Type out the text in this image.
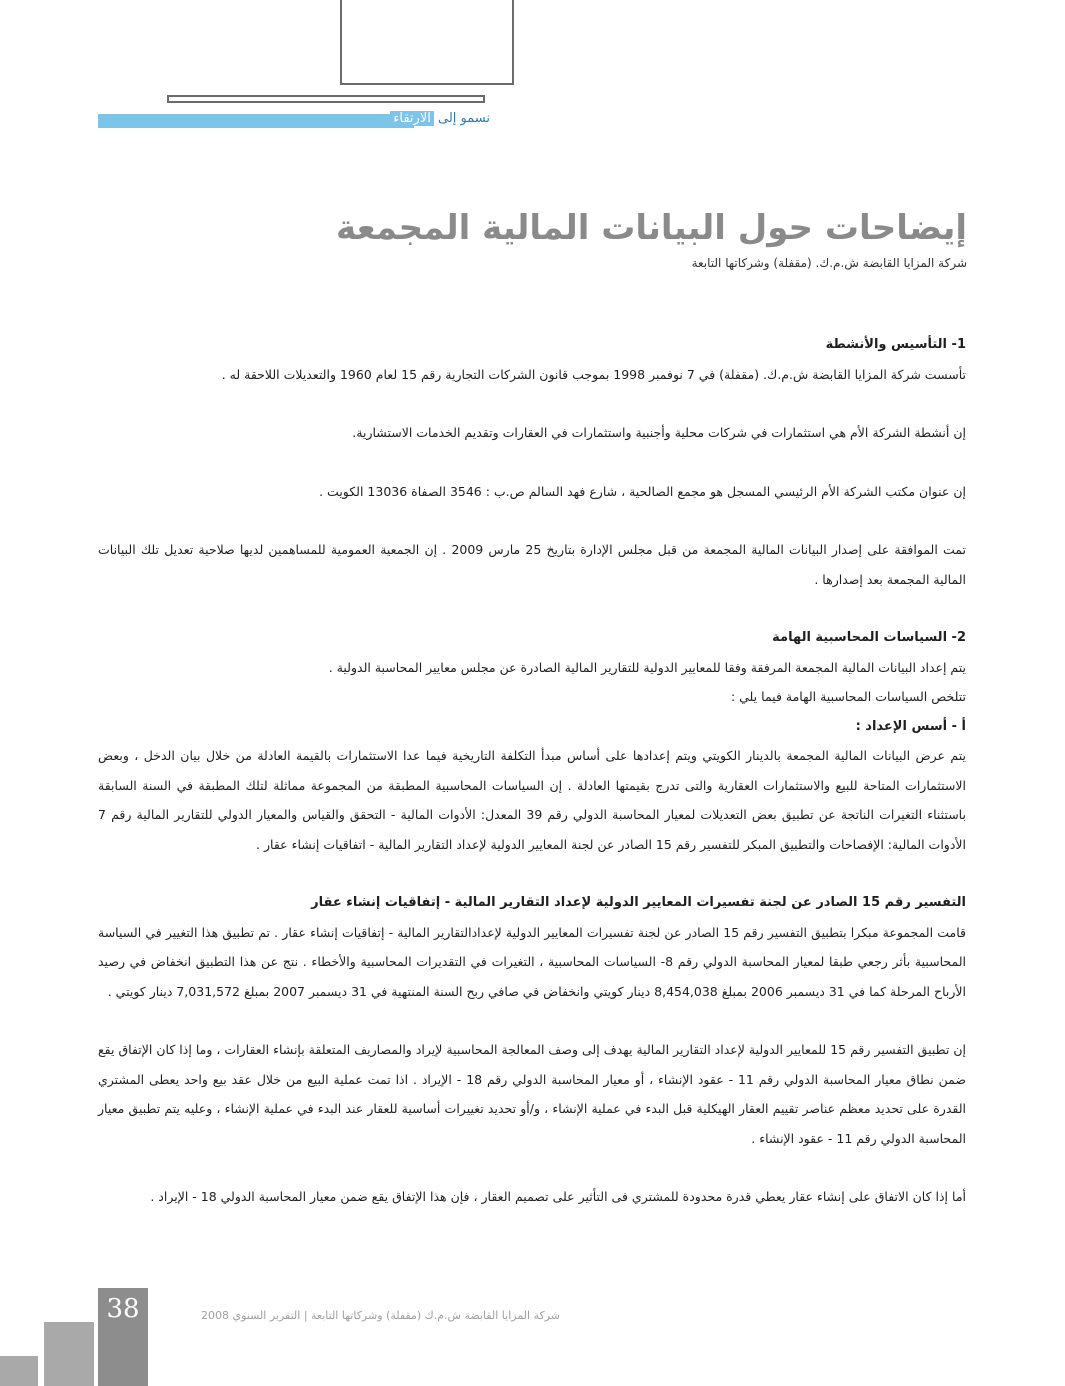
نسمو إلى الارتقاء
إيضاحات حول البيانات المالية المجمعة
شركة المزايا القابضة ش.م.ك. (مقفلة) وشركاتها التابعة
1- التأسيس والأنشطة

تأسست شركة المزايا القابضة ش.م.ك. (مقفلة) في 7 نوفمبر 1998 بموجب قانون الشركات التجارية رقم 15 لعام 1960 والتعديلات اللاحقة له .

إن أنشطة الشركة الأم هي استثمارات في شركات محلية وأجنبية واستثمارات في العقارات وتقديم الخدمات الاستشارية.

إن عنوان مكتب الشركة الأم الرئيسي المسجل هو مجمع الصالحية ، شارع فهد السالم ص.ب : 3546 الصفاة 13036 الكويت .

تمت الموافقة على إصدار البيانات المالية المجمعة من قبل مجلس الإدارة بتاريخ 25 مارس 2009 . إن الجمعية العمومية للمساهمين لديها صلاحية تعديل تلك البيانات المالية المجمعة بعد إصدارها .

2- السياسات المحاسبية الهامة

يتم إعداد البيانات المالية المجمعة المرفقة وفقا للمعايير الدولية للتقارير المالية الصادرة عن مجلس معايير المحاسبة الدولية .

تتلخص السياسات المحاسبية الهامة فيما يلي :

أ - أسس الإعداد :

يتم عرض البيانات المالية المجمعة بالدينار الكويتي ويتم إعدادها على أساس مبدأ التكلفة التاريخية فيما عدا الاستثمارات بالقيمة العادلة من خلال بيان الدخل ، وبعض الاستثمارات المتاحة للبيع والاستثمارات العقارية والتى تدرج بقيمتها العادلة . إن السياسات المحاسبية المطبقة من المجموعة مماثلة لتلك المطبقة في السنة السابقة باستثناء التغيرات الناتجة عن تطبيق بعض التعديلات لمعيار المحاسبة الدولي رقم 39 المعدل: الأدوات المالية - التحقق والقياس والمعيار الدولي للتقارير المالية رقم 7 الأدوات المالية: الإفصاحات والتطبيق المبكر للتفسير رقم 15 الصادر عن لجنة المعايير الدولية لإعداد التقارير المالية - اتفاقيات إنشاء عقار .

التفسير رقم 15 الصادر عن لجنة تفسيرات المعايير الدولية لإعداد التقارير المالية - إتفاقيات إنشاء عقار

قامت المجموعة مبكرا بتطبيق التفسير رقم 15 الصادر عن لجنة تفسيرات المعايير الدولية لإعدادالتقارير المالية - إتفاقيات إنشاء عقار . تم تطبيق هذا التغيير في السياسة المحاسبية بأثر رجعي طبقا لمعيار المحاسبة الدولي رقم 8- السياسات المحاسبية ، التغيرات في التقديرات المحاسبية والأخطاء . نتج عن هذا التطبيق انخفاض في رصيد الأرباح المرحلة كما في 31 ديسمبر 2006 بمبلغ 8,454,038 دينار كويتي وانخفاض في صافي ربح السنة المنتهية في 31 ديسمبر 2007 بمبلغ 7,031,572 دينار كويتي .

إن تطبيق التفسير رقم 15 للمعايير الدولية لإعداد التقارير المالية يهدف إلى وصف المعالجة المحاسبية لإيراد والمصاريف المتعلقة بإنشاء العقارات ، وما إذا كان الإتفاق يقع ضمن نطاق معيار المحاسبة الدولي رقم 11 - عقود الإنشاء ، أو معيار المحاسبة الدولي رقم 18 - الإيراد . اذا تمت عملية البيع من خلال عقد بيع واحد يعطى المشتري القدرة على تحديد معظم عناصر تقييم العقار الهيكلية قبل البدء في عملية الإنشاء ، و/أو تحديد تغييرات أساسية للعقار عند البدء في عملية الإنشاء ، وعليه يتم تطبيق معيار المحاسبة الدولي رقم 11 - عقود الإنشاء .

أما إذا كان الاتفاق على إنشاء عقار يعطي قدرة محدودة للمشتري فى التأثير على تصميم العقار ، فإن هذا الإتفاق يقع ضمن معيار المحاسبة الدولي 18 - الإيراد .

38	شركة المزايا القابضة ش.م.ك (مقفلة) وشركاتها التابعة | التقرير السنوي 2008
